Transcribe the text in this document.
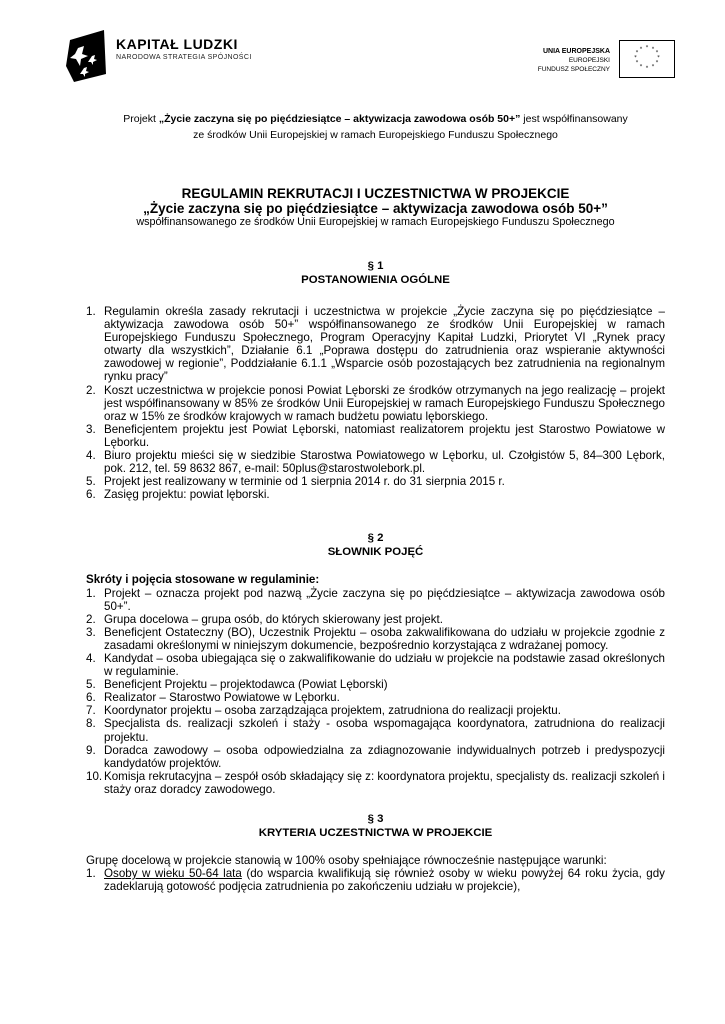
KAPITAŁ LUDZKI
NARODOWA STRATEGIA SPÓJNOŚCI
UNIA EUROPEJSKA
EUROPEJSKI
FUNDUSZ SPOŁECZNY
* *
*
*
*
*
*
*
*
*
*
*
Projekt „Życie zaczyna się po pięćdziesiątce – aktywizacja zawodowa osób 50+” jest współfinansowany
ze środków Unii Europejskiej w ramach Europejskiego Funduszu Społecznego
REGULAMIN REKRUTACJI I UCZESTNICTWA W PROJEKCIE
„Życie zaczyna się po pięćdziesiątce – aktywizacja zawodowa osób 50+”
współfinansowanego ze środków Unii Europejskiej w ramach Europejskiego Funduszu Społecznego
§ 1
POSTANOWIENIA OGÓLNE
1. Regulamin określa zasady rekrutacji i uczestnictwa w projekcie „Życie zaczyna się po pięćdziesiątce – aktywizacja zawodowa osób 50+” współfinansowanego ze środków Unii Europejskiej w ramach Europejskiego Funduszu Społecznego, Program Operacyjny Kapitał Ludzki, Priorytet VI „Rynek pracy otwarty dla wszystkich”, Działanie 6.1 „Poprawa dostępu do zatrudnienia oraz wspieranie aktywności zawodowej w regionie”, Poddziałanie 6.1.1 „Wsparcie osób pozostających bez zatrudnienia na regionalnym rynku pracy”
2. Koszt uczestnictwa w projekcie ponosi Powiat Lęborski ze środków otrzymanych na jego realizację – projekt jest współfinansowany w 85% ze środków Unii Europejskiej w ramach Europejskiego Funduszu Społecznego oraz w 15% ze środków krajowych w ramach budżetu powiatu lęborskiego.
3. Beneficjentem projektu jest Powiat Lęborski, natomiast realizatorem projektu jest Starostwo Powiatowe w Lęborku.
4. Biuro projektu mieści się w siedzibie Starostwa Powiatowego w Lęborku, ul. Czołgistów 5, 84–300 Lębork, pok. 212, tel. 59 8632 867, e-mail: 50plus@starostwolebork.pl.
5. Projekt jest realizowany w terminie od 1 sierpnia 2014 r. do 31 sierpnia 2015 r.
6. Zasięg projektu: powiat lęborski.
§ 2
SŁOWNIK POJĘĆ
Skróty i pojęcia stosowane w regulaminie:
1. Projekt – oznacza projekt pod nazwą „Życie zaczyna się po pięćdziesiątce – aktywizacja zawodowa osób 50+”.
2. Grupa docelowa – grupa osób, do których skierowany jest projekt.
3. Beneficjent Ostateczny (BO), Uczestnik Projektu – osoba zakwalifikowana do udziału w projekcie zgodnie z zasadami określonymi w niniejszym dokumencie, bezpośrednio korzystająca z wdrażanej pomocy.
4. Kandydat – osoba ubiegająca się o zakwalifikowanie do udziału w projekcie na podstawie zasad określonych w regulaminie.
5. Beneficjent Projektu – projektodawca (Powiat Lęborski)
6. Realizator – Starostwo Powiatowe w Lęborku.
7. Koordynator projektu – osoba zarządzająca projektem, zatrudniona do realizacji projektu.
8. Specjalista ds. realizacji szkoleń i staży - osoba wspomagająca koordynatora, zatrudniona do realizacji projektu.
9. Doradca zawodowy – osoba odpowiedzialna za zdiagnozowanie indywidualnych potrzeb i predyspozycji kandydatów projektów.
10. Komisja rekrutacyjna – zespół osób składający się z: koordynatora projektu, specjalisty ds. realizacji szkoleń i staży oraz doradcy zawodowego.
§ 3
KRYTERIA UCZESTNICTWA W PROJEKCIE
Grupę docelową w projekcie stanowią w 100% osoby spełniające równocześnie następujące warunki:
1. Osoby w wieku 50-64 lata (do wsparcia kwalifikują się również osoby w wieku powyżej 64 roku życia, gdy zadeklarują gotowość podjęcia zatrudnienia po zakończeniu udziału w projekcie),
